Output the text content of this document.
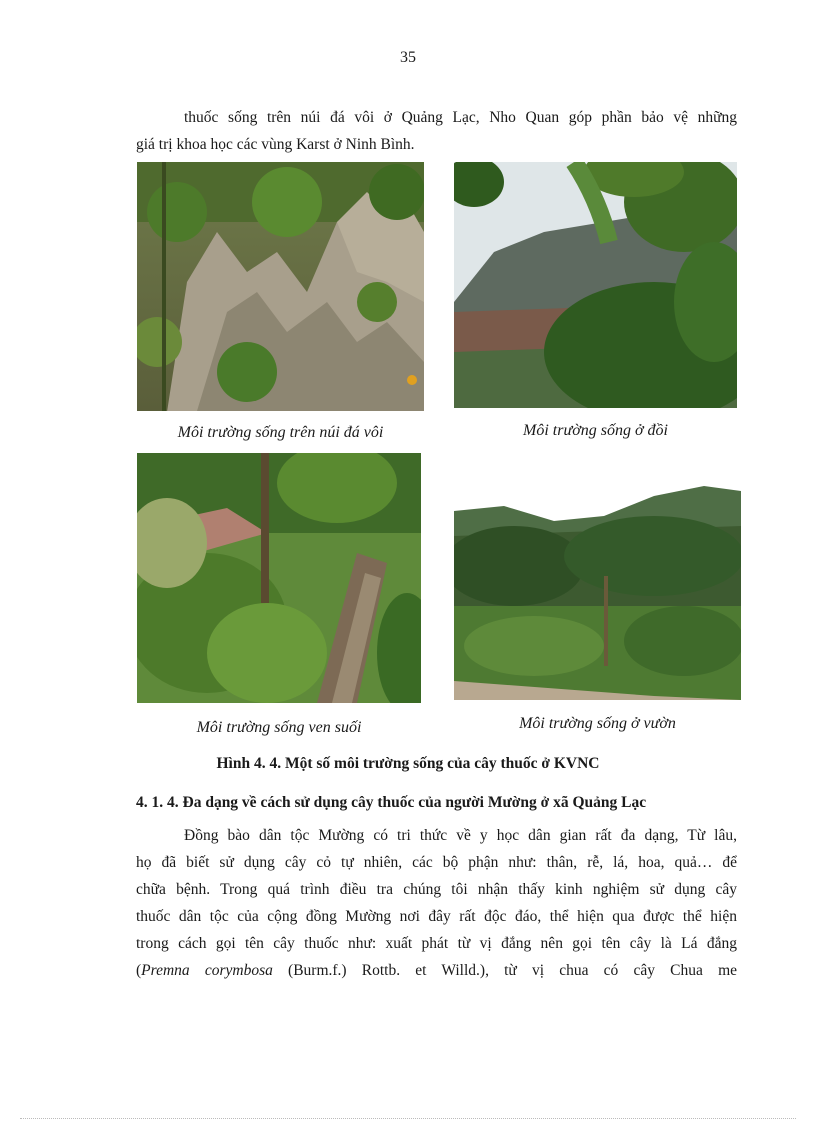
35
thuốc sống trên núi đá vôi ở Quảng Lạc, Nho Quan góp phần bảo vệ những
giá trị khoa học các vùng Karst ở Ninh Bình.
Môi trường sống trên núi đá vôi	Môi trường sống ở đồi
Môi trường sống ven suối	Môi trường sống ở vườn
Hình 4. 4. Một số môi trường sống của cây thuốc ở KVNC
4. 1. 4. Đa dạng về cách sử dụng cây thuốc của người Mường ở xã Quảng Lạc
Đồng bào dân tộc Mường có tri thức về y học dân gian rất đa dạng, Từ lâu,
họ đã biết sử dụng cây cỏ tự nhiên, các bộ phận như: thân, rễ, lá, hoa, quả… để
chữa bệnh. Trong quá trình điều tra chúng tôi nhận thấy kinh nghiệm sử dụng cây
thuốc dân tộc của cộng đồng Mường nơi đây rất độc đáo, thể hiện qua được thể hiện
trong cách gọi tên cây thuốc như: xuất phát từ vị đắng nên gọi tên cây là Lá đắng
(Premna corymbosa (Burm.f.) Rottb. et Willd.), từ vị chua có cây Chua me
